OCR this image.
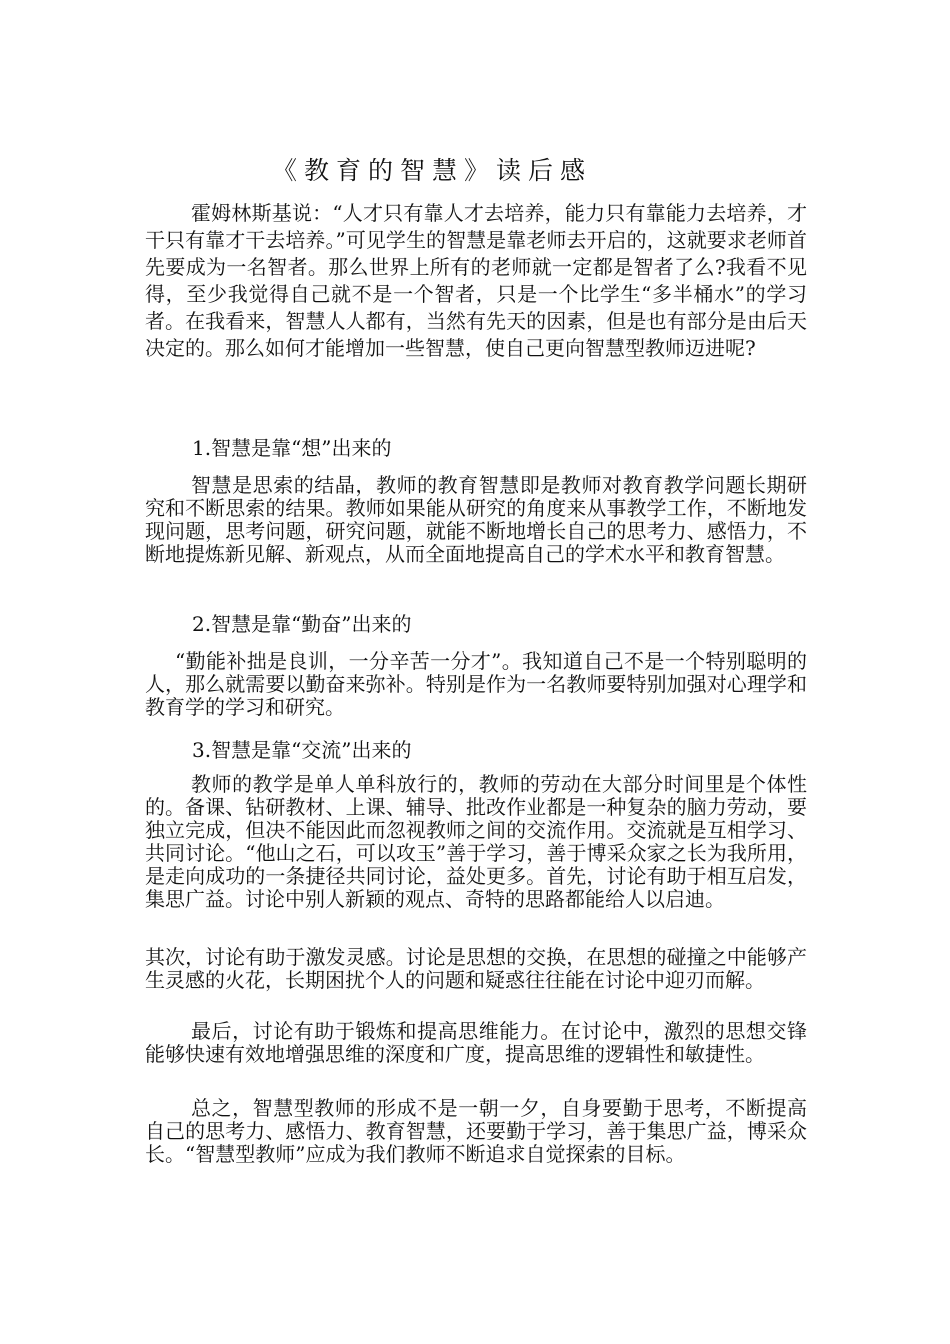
《教育的智慧》读后感

霍姆林斯基说：“人才只有靠人才去培养，能力只有靠能力去培养，才干只有靠才干去培养。”可见学生的智慧是靠老师去开启的，这就要求老师首先要成为一名智者。那么世界上所有的老师就一定都是智者了么?我看不见得，至少我觉得自己就不是一个智者，只是一个比学生“多半桶水”的学习者。在我看来，智慧人人都有，当然有先天的因素，但是也有部分是由后天决定的。那么如何才能增加一些智慧，使自己更向智慧型教师迈进呢?

1.智慧是靠“想”出来的

智慧是思索的结晶，教师的教育智慧即是教师对教育教学问题长期研究和不断思索的结果。教师如果能从研究的角度来从事教学工作，不断地发现问题，思考问题，研究问题，就能不断地增长自己的思考力、感悟力，不断地提炼新见解、新观点，从而全面地提高自己的学术水平和教育智慧。

2.智慧是靠“勤奋”出来的

“勤能补拙是良训，一分辛苦一分才”。我知道自己不是一个特别聪明的人，那么就需要以勤奋来弥补。特别是作为一名教师要特别加强对心理学和教育学的学习和研究。

3.智慧是靠“交流”出来的

教师的教学是单人单科放行的，教师的劳动在大部分时间里是个体性的。备课、钻研教材、上课、辅导、批改作业都是一种复杂的脑力劳动，要独立完成，但决不能因此而忽视教师之间的交流作用。交流就是互相学习、共同讨论。“他山之石，可以攻玉”善于学习，善于博采众家之长为我所用，是走向成功的一条捷径共同讨论，益处更多。首先，讨论有助于相互启发，集思广益。讨论中别人新颖的观点、奇特的思路都能给人以启迪。

其次，讨论有助于激发灵感。讨论是思想的交换，在思想的碰撞之中能够产生灵感的火花，长期困扰个人的问题和疑惑往往能在讨论中迎刃而解。

最后，讨论有助于锻炼和提高思维能力。在讨论中，激烈的思想交锋能够快速有效地增强思维的深度和广度，提高思维的逻辑性和敏捷性。

总之，智慧型教师的形成不是一朝一夕，自身要勤于思考，不断提高自己的思考力、感悟力、教育智慧，还要勤于学习，善于集思广益，博采众长。“智慧型教师”应成为我们教师不断追求自觉探索的目标。
